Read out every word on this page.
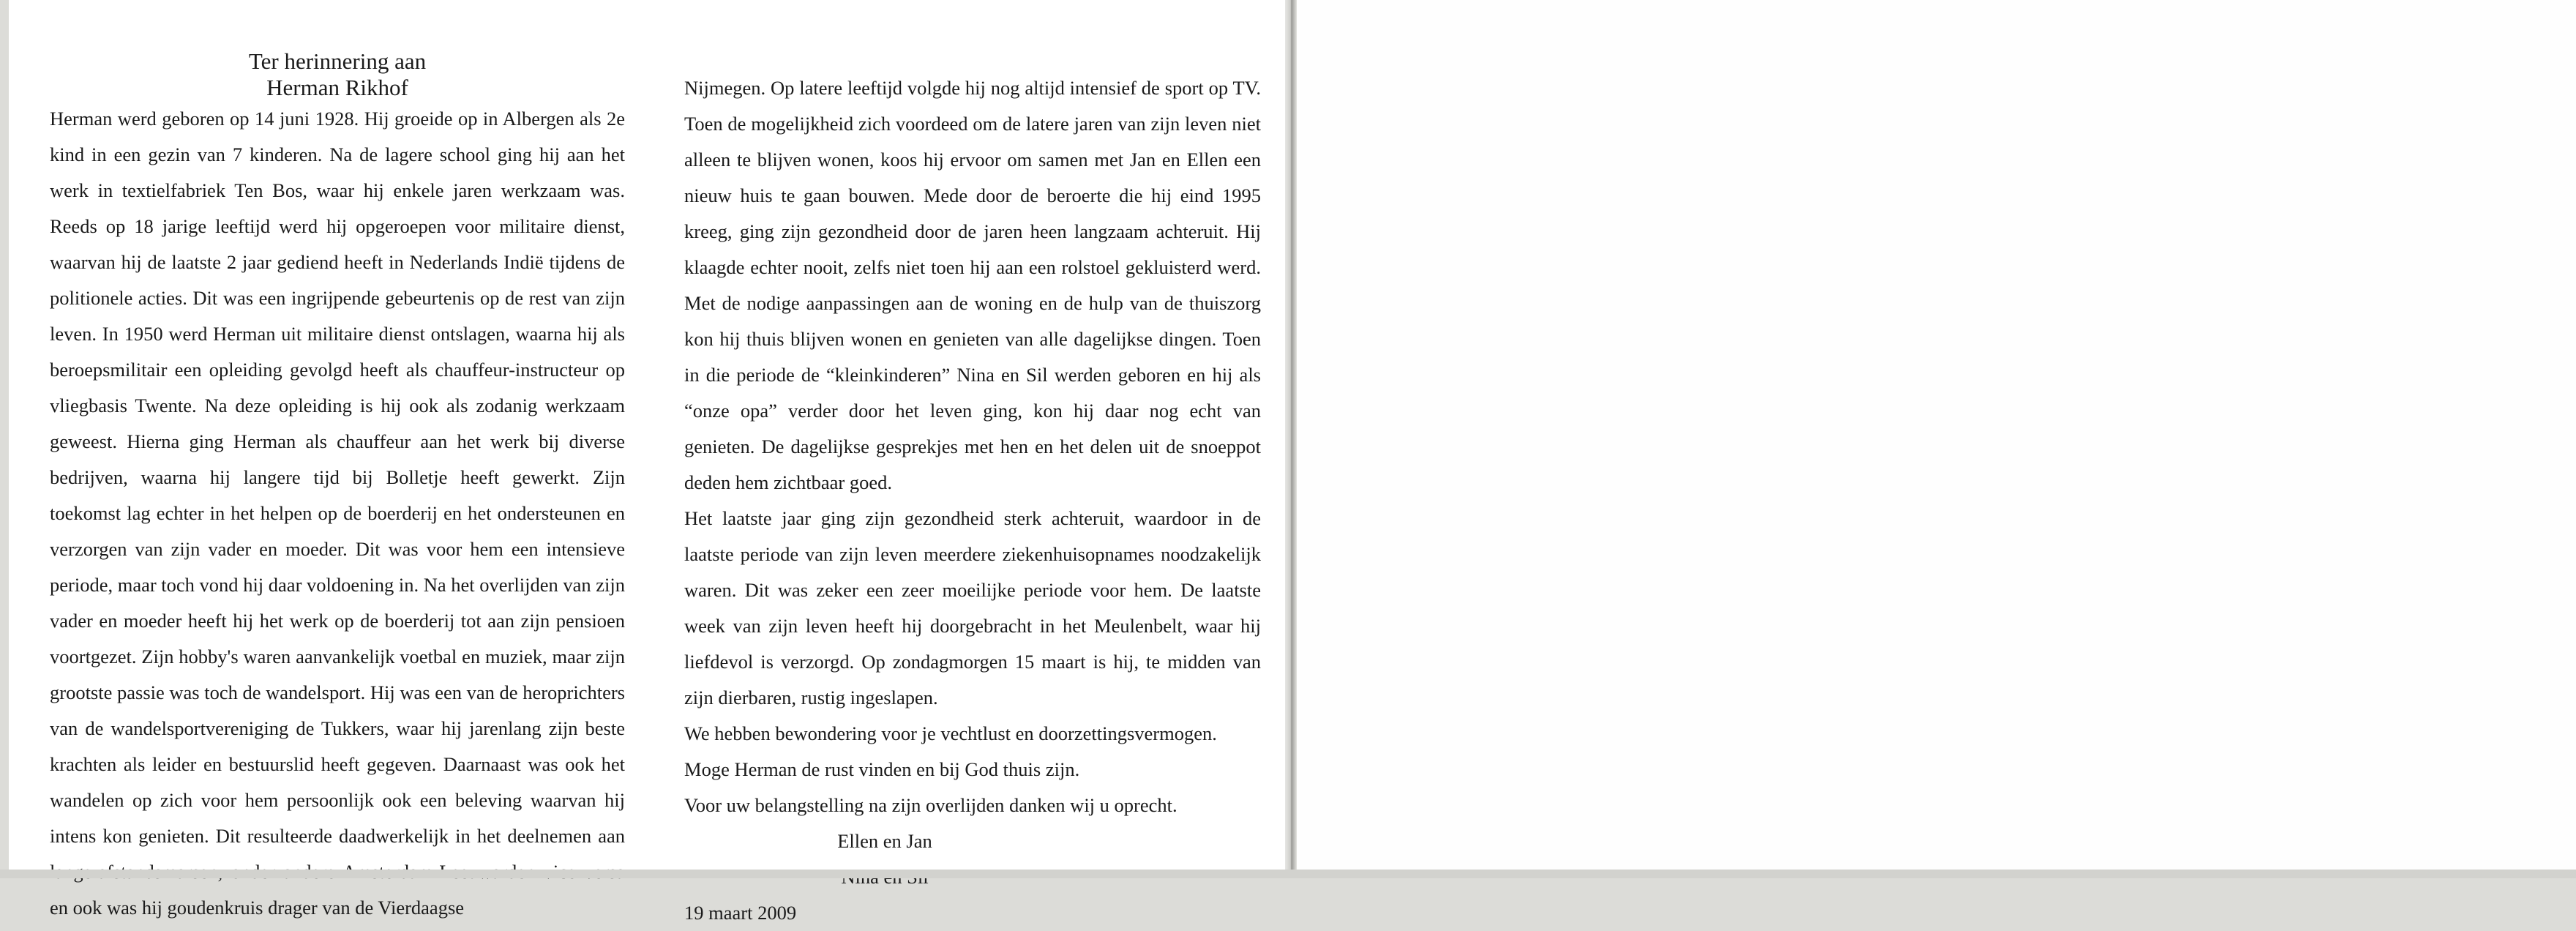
Ter herinnering aan
Herman Rikhof

Herman werd geboren op 14 juni 1928. Hij groeide op in Albergen als 2e kind in een gezin van 7 kinderen. Na de lagere school ging hij aan het werk in textielfabriek Ten Bos, waar hij enkele jaren werkzaam was. Reeds op 18 jarige leeftijd werd hij opgeroepen voor militaire dienst, waarvan hij de laatste 2 jaar gediend heeft in Nederlands Indië tijdens de politionele acties. Dit was een ingrijpende gebeurtenis op de rest van zijn leven. In 1950 werd Herman uit militaire dienst ontslagen, waarna hij als beroepsmilitair een opleiding gevolgd heeft als chauffeur-instructeur op vliegbasis Twente. Na deze opleiding is hij ook als zodanig werkzaam geweest. Hierna ging Herman als chauffeur aan het werk bij diverse bedrijven, waarna hij langere tijd bij Bolletje heeft gewerkt. Zijn toekomst lag echter in het helpen op de boerderij en het ondersteunen en verzorgen van zijn vader en moeder. Dit was voor hem een intensieve periode, maar toch vond hij daar voldoening in. Na het overlijden van zijn vader en moeder heeft hij het werk op de boerderij tot aan zijn pensioen voortgezet. Zijn hobby's waren aanvankelijk voetbal en muziek, maar zijn grootste passie was toch de wandelsport. Hij was een van de heroprichters van de wandelsportvereniging de Tukkers, waar hij jarenlang zijn beste krachten als leider en bestuurslid heeft gegeven. Daarnaast was ook het wandelen op zich voor hem persoonlijk ook een beleving waarvan hij intens kon genieten. Dit resulteerde daadwerkelijk in het deelnemen aan en ook was hij goudenkruis drager van de Vierdaagse

Nijmegen. Op latere leeftijd volgde hij nog altijd intensief de sport op TV. Toen de mogelijkheid zich voordeed om de latere jaren van zijn leven niet alleen te blijven wonen, koos hij ervoor om samen met Jan en Ellen een nieuw huis te gaan bouwen. Mede door de beroerte die hij eind 1995 kreeg, ging zijn gezondheid door de jaren heen langzaam achteruit. Hij klaagde echter nooit, zelfs niet toen hij aan een rolstoel gekluisterd werd. Met de nodige aanpassingen aan de woning en de hulp van de thuiszorg kon hij thuis blijven wonen en genieten van alle dagelijkse dingen. Toen in die periode de “kleinkinderen” Nina en Sil werden geboren en hij als “onze opa” verder door het leven ging, kon hij daar nog echt van genieten. De dagelijkse gesprekjes met hen en het delen uit de snoeppot deden hem zichtbaar goed.

Het laatste jaar ging zijn gezondheid sterk achteruit, waardoor in de laatste periode van zijn leven meerdere ziekenhuisopnames noodzakelijk waren. Dit was zeker een zeer moeilijke periode voor hem. De laatste week van zijn leven heeft hij doorgebracht in het Meulenbelt, waar hij liefdevol is verzorgd. Op zondagmorgen 15 maart is hij, te midden van zijn dierbaren, rustig ingeslapen.

We hebben bewondering voor je vechtlust en doorzettingsvermogen.

Moge Herman de rust vinden en bij God thuis zijn.

Voor uw belangstelling na zijn overlijden danken wij u oprecht.

Ellen en Jan

19 maart 2009
